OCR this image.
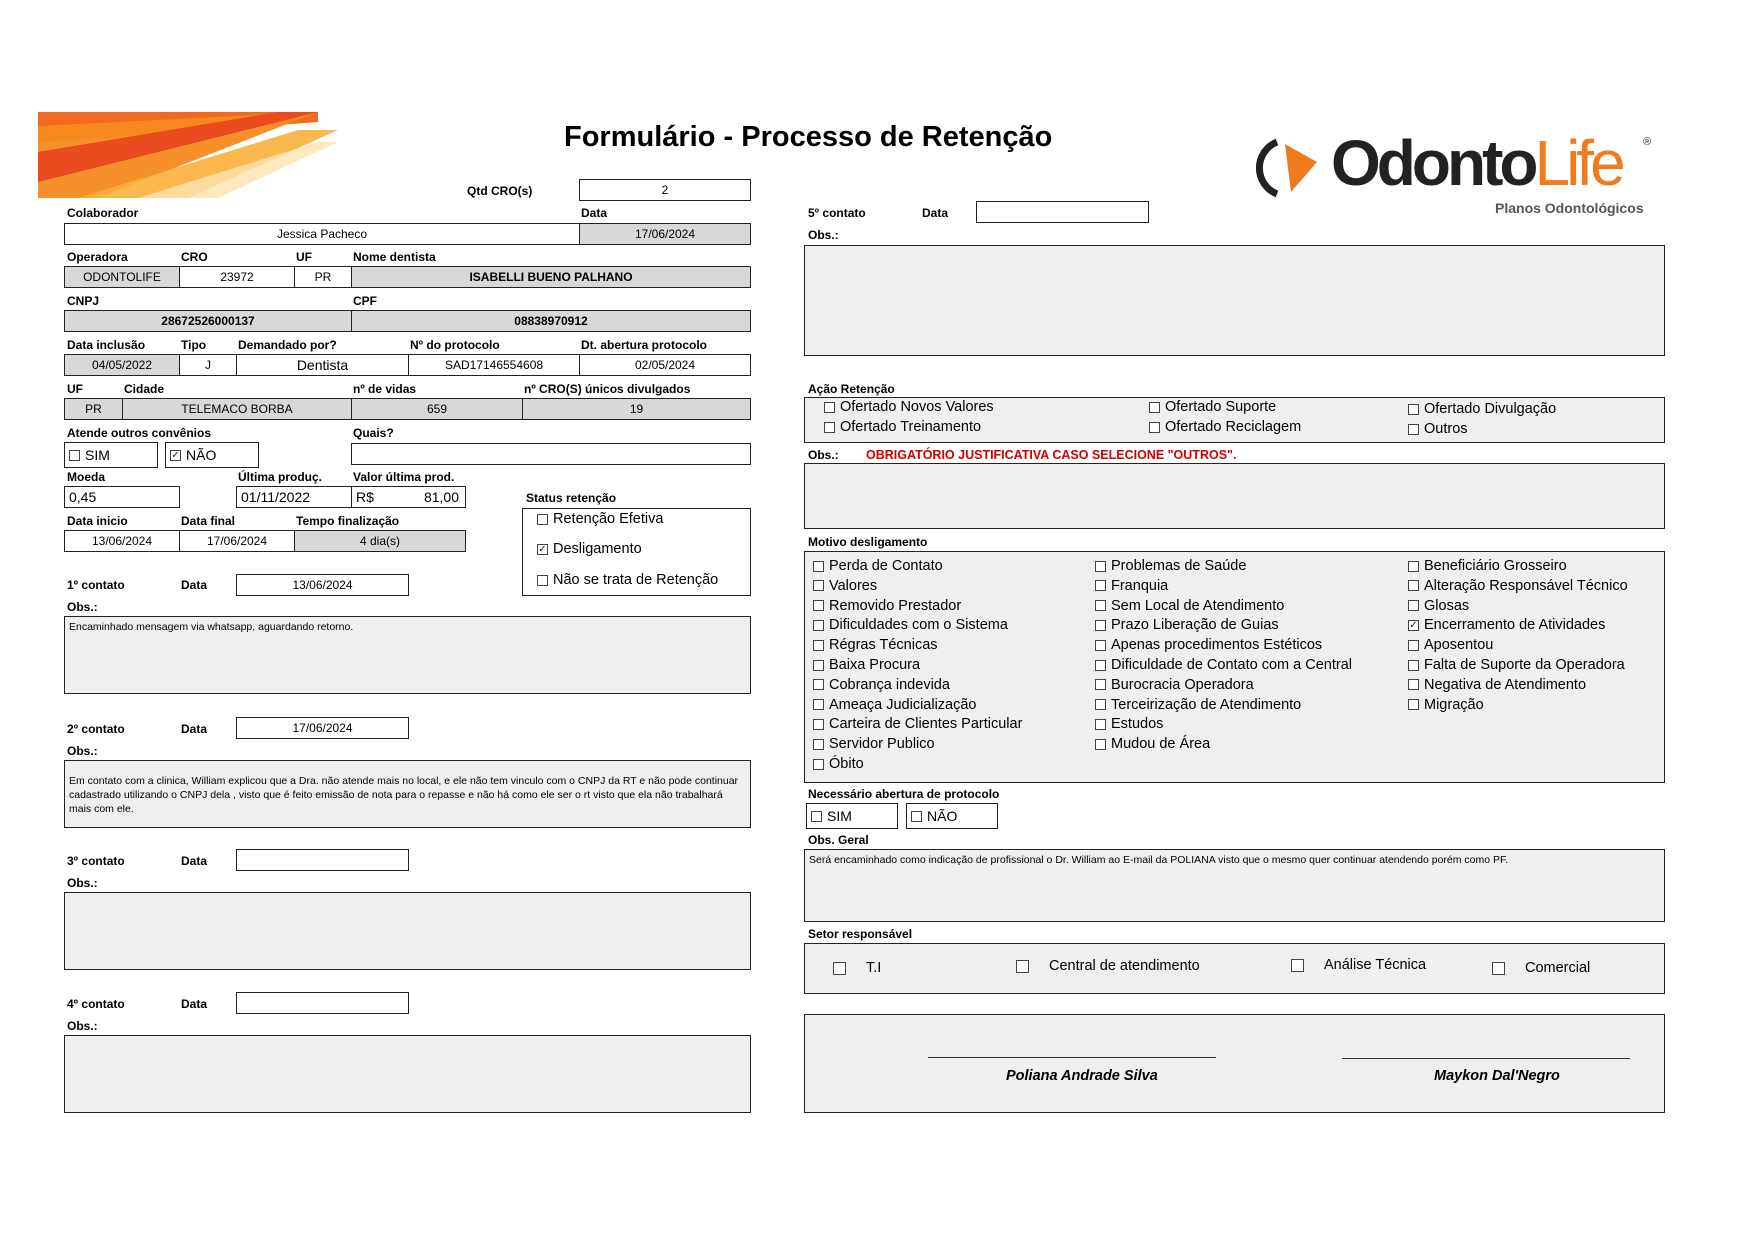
Formulário - Processo de Retenção	OdontoLife ®
Planos Odontológicos
Qtd CRO(s)	2
Colaborador	Data
Jessica Pacheco	17/06/2024
Operadora	CRO	UF	Nome dentista
ODONTOLIFE	23972	PR	ISABELLI BUENO PALHANO
CNPJ	CPF
28672526000137	08838970912
Data inclusão	Tipo	Demandado por?	Nº do protocolo	Dt. abertura protocolo
04/05/2022	J	Dentista	SAD17146554608	02/05/2024
UF	Cidade	nº de vidas	nº CRO(S) únicos divulgados
PR	TELEMACO BORBA	659	19
Atende outros convênios	Quais?
SIM	✓ NÃO
Moeda	Última produç.	Valor última prod.
0,45	01/11/2022	R$	81,00	Status retenção
Retenção Efetiva
✓ Desligamento
Não se trata de Retenção
Data inicio	Data final	Tempo finalização
13/06/2024	17/06/2024	4 dia(s)
1º contato	Data	13/06/2024
Obs.:
Encaminhado mensagem via whatsapp, aguardando retorno.
2º contato	Data	17/06/2024
Obs.:
Em contato com a clinica, William explicou que a Dra. não atende mais no local, e ele não tem vinculo com o CNPJ da RT e não pode continuar cadastrado utilizando o CNPJ dela , visto que é feito emissão de nota para o repasse e não há como ele ser o rt visto que ela não trabalhará mais com ele.
3º contato	Data
Obs.:
4º contato	Data
Obs.:
5º contato	Data
Obs.:
Ação Retenção
Ofertado Novos Valores	Ofertado Suporte	Ofertado Divulgação
Ofertado Treinamento	Ofertado Reciclagem	Outros
Obs.: OBRIGATÓRIO JUSTIFICATIVA CASO SELECIONE "OUTROS".
Motivo desligamento
Perda de Contato
Valores
Removido Prestador
Dificuldades com o Sistema
Régras Técnicas
Baixa Procura
Cobrança indevida
Ameaça Judicialização
Carteira de Clientes Particular
Servidor Publico
Óbito
Problemas de Saúde
Franquia
Sem Local de Atendimento
Prazo Liberação de Guias
Apenas procedimentos Estéticos
Dificuldade de Contato com a Central
Burocracia Operadora
Terceirização de Atendimento
Estudos
Mudou de Área
Beneficiário Grosseiro
Alteração Responsável Técnico
Glosas
✓ Encerramento de Atividades
Aposentou
Falta de Suporte da Operadora
Negativa de Atendimento
Migração
Necessário abertura de protocolo
SIM	NÃO
Obs. Geral
Será encaminhado como indicação de profissional o Dr. William ao E-mail da POLIANA visto que o mesmo quer continuar atendendo porém como PF.
Setor responsável
T.I	Central de atendimento	Análise Técnica	Comercial
Poliana Andrade Silva	Maykon Dal'Negro
